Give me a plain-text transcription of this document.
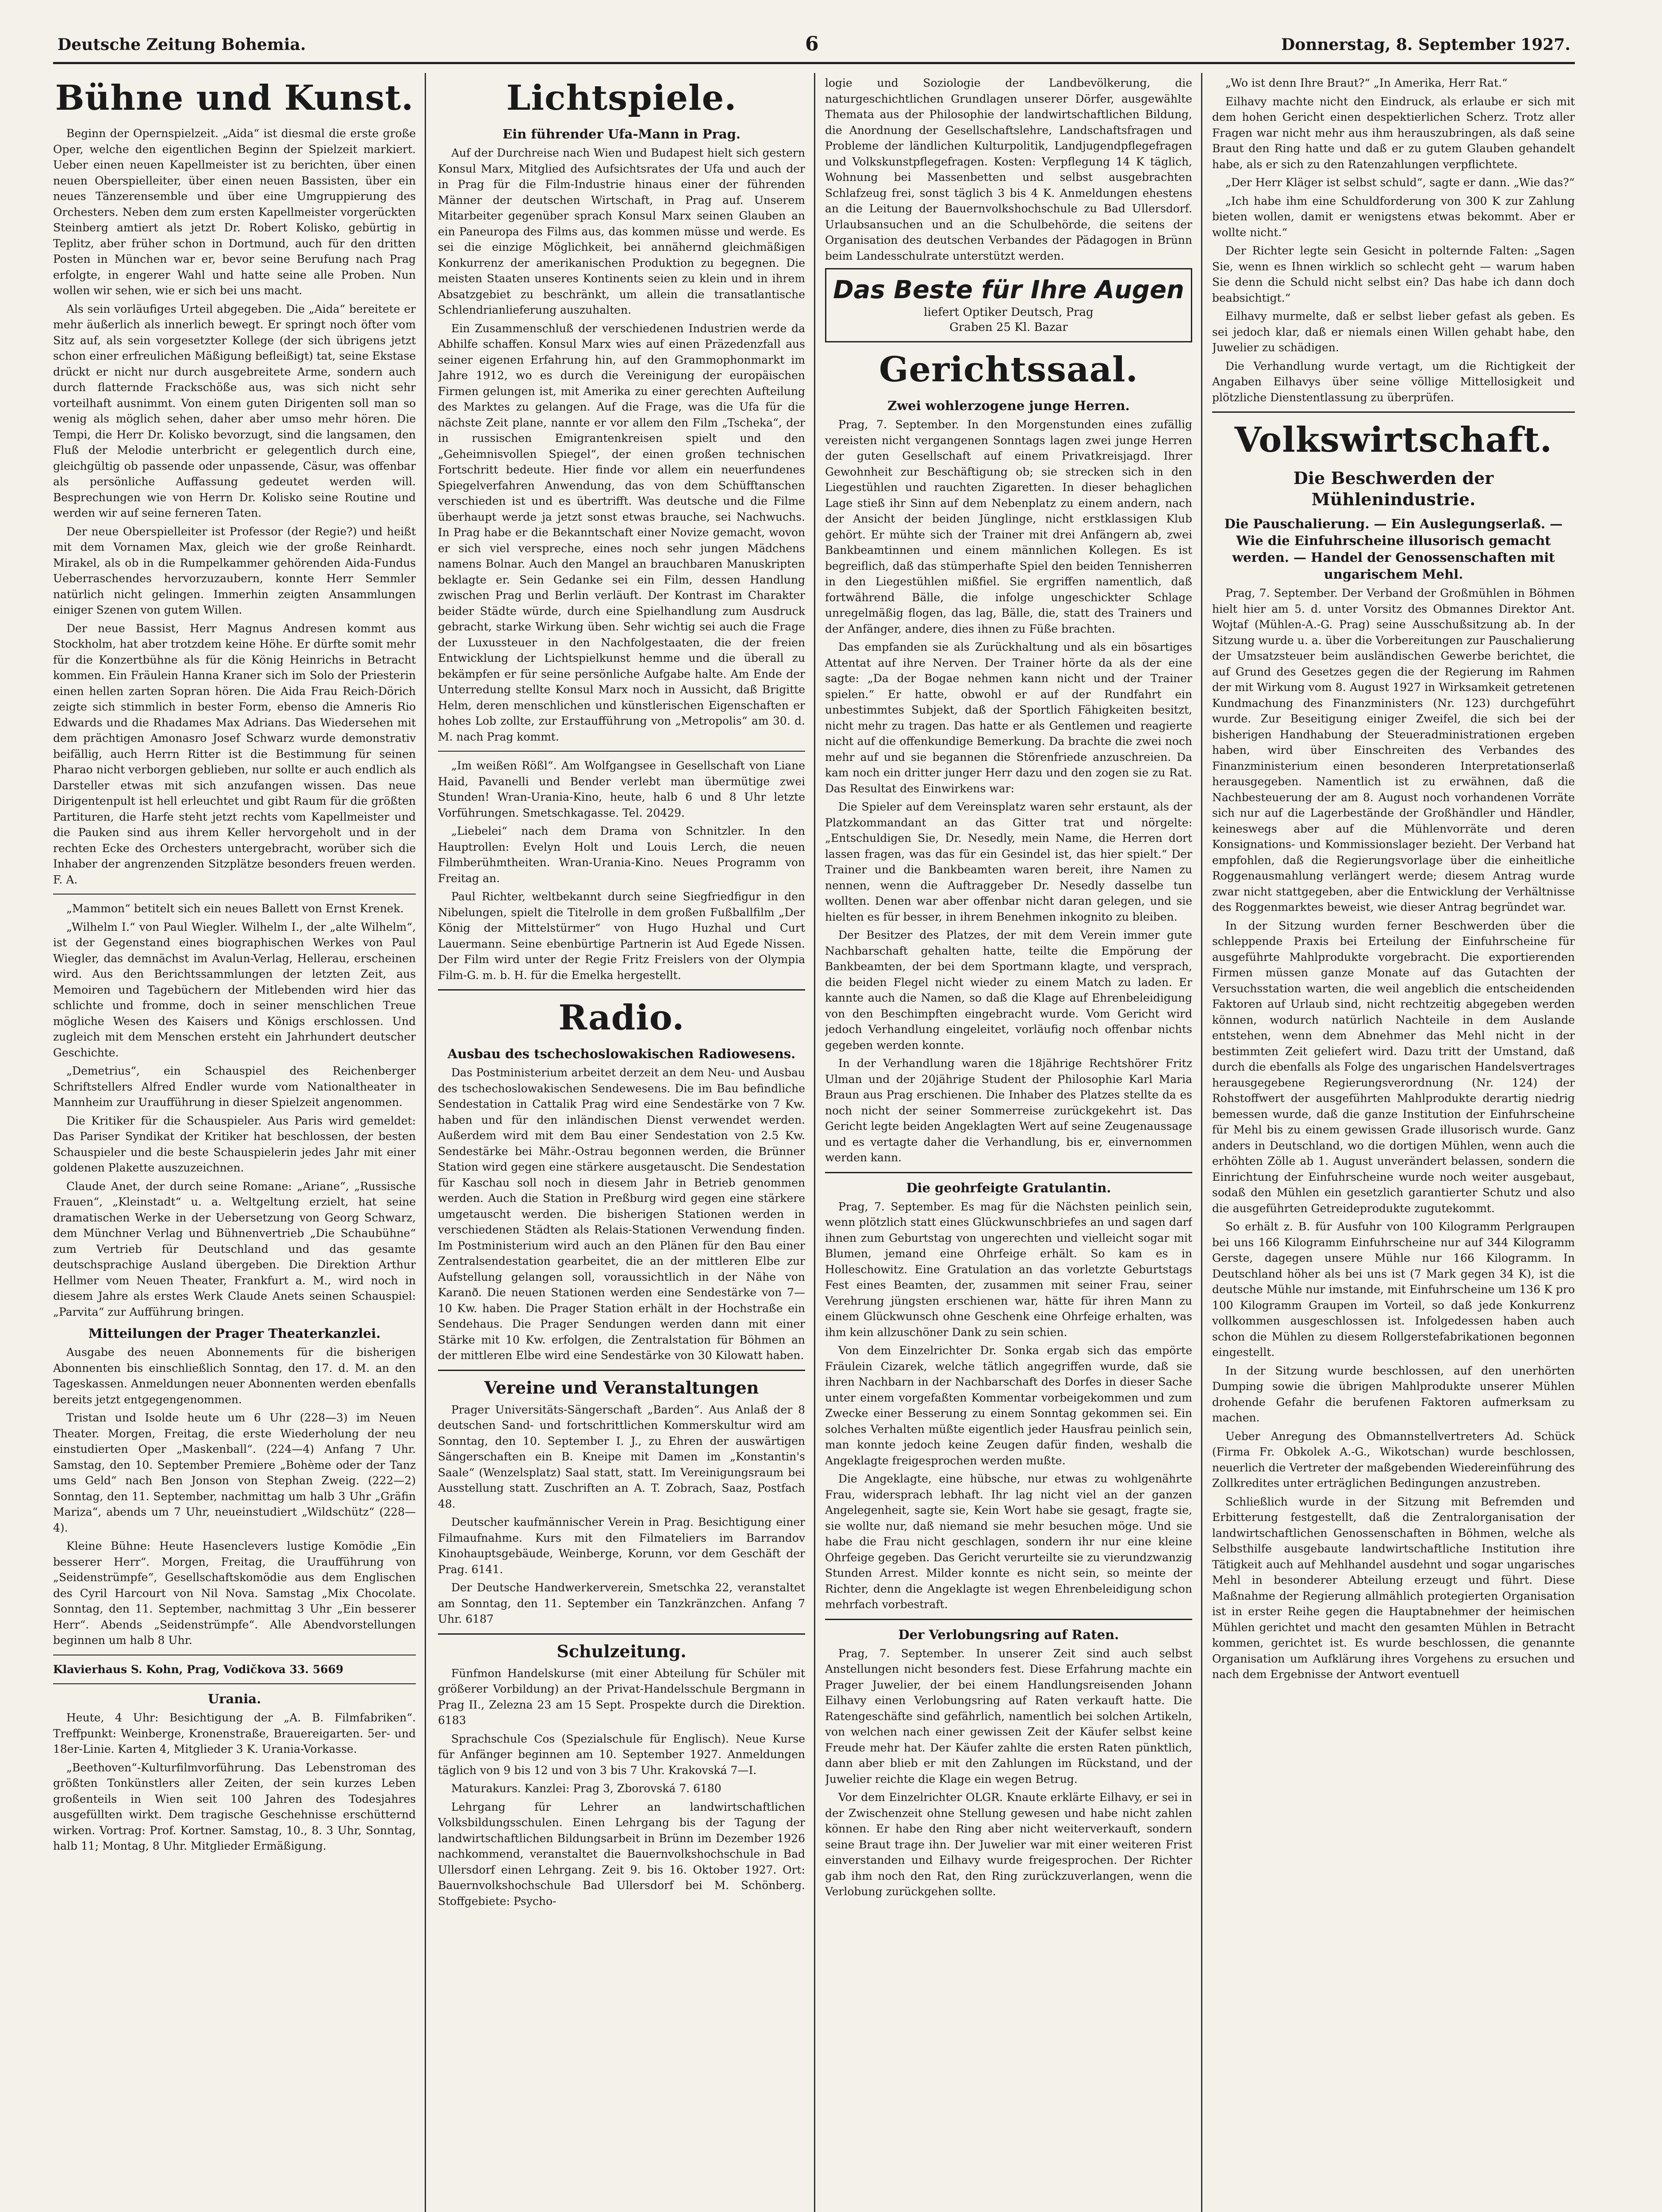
Deutsche Zeitung Bohemia.	6	Donnerstag, 8. September 1927.
Bühne und Kunst.

Beginn der Opernspielzeit. „Aida“ ist diesmal die erste große Oper, welche den eigentlichen Beginn der Spielzeit markiert. Ueber einen neuen Kapellmeister ist zu berichten, über einen neuen Oberspielleiter, über einen neuen Bassisten, über ein neues Tänzerensemble und über eine Umgruppierung des Orchesters. Neben dem zum ersten Kapellmeister vorgerückten Steinberg amtiert als jetzt Dr. Robert Kolisko, gebürtig in Teplitz, aber früher schon in Dortmund, auch für den dritten Posten in München war er, bevor seine Berufung nach Prag erfolgte, in engerer Wahl und hatte seine alle Proben. Nun wollen wir sehen, wie er sich bei uns macht.

Als sein vorläufiges Urteil abgegeben. Die „Aida“ bereitete er mehr äußerlich als innerlich bewegt. Er springt noch öfter vom Sitz auf, als sein vorgesetzter Kollege (der sich übrigens jetzt schon einer erfreulichen Mäßigung befleißigt) tat, seine Ekstase drückt er nicht nur durch ausgebreitete Arme, sondern auch durch flatternde Frackschöße aus, was sich nicht sehr vorteilhaft ausnimmt. Von einem guten Dirigenten soll man so wenig als möglich sehen, daher aber umso mehr hören. Die Tempi, die Herr Dr. Kolisko bevorzugt, sind die langsamen, den Fluß der Melodie unterbricht er gelegentlich durch eine, gleichgültig ob passende oder unpassende, Cäsur, was offenbar als persönliche Auffassung gedeutet werden will. Besprechungen wie von Herrn Dr. Kolisko seine Routine und werden wir auf seine ferneren Taten.

Der neue Oberspielleiter ist Professor (der Regie?) und heißt mit dem Vornamen Max, gleich wie der große Reinhardt. Mirakel, als ob in die Rumpelkammer gehörenden Aida-Fundus Ueberraschendes hervorzuzaubern, konnte Herr Semmler natürlich nicht gelingen. Immerhin zeigten Ansammlungen einiger Szenen von gutem Willen.

Der neue Bassist, Herr Magnus Andresen kommt aus Stockholm, hat aber trotzdem keine Höhe. Er dürfte somit mehr für die Konzertbühne als für die König Heinrichs in Betracht kommen. Ein Fräulein Hanna Kraner sich im Solo der Priesterin einen hellen zarten Sopran hören. Die Aida Frau Reich-Dörich zeigte sich stimmlich in bester Form, ebenso die Amneris Rio Edwards und die Rhadames Max Adrians. Das Wiedersehen mit dem prächtigen Amonasro Josef Schwarz wurde demonstrativ beifällig, auch Herrn Ritter ist die Bestimmung für seinen Pharao nicht verborgen geblieben, nur sollte er auch endlich als Darsteller etwas mit sich anzufangen wissen. Das neue Dirigentenpult ist hell erleuchtet und gibt Raum für die größten Partituren, die Harfe steht jetzt rechts vom Kapellmeister und die Pauken sind aus ihrem Keller hervorgeholt und in der rechten Ecke des Orchesters untergebracht, worüber sich die Inhaber der angrenzenden Sitzplätze besonders freuen werden. F. A.

„Mammon“ betitelt sich ein neues Ballett von Ernst Krenek.

„Wilhelm I.“ von Paul Wiegler. Wilhelm I., der „alte Wilhelm“, ist der Gegenstand eines biographischen Werkes von Paul Wiegler, das demnächst im Avalun-Verlag, Hellerau, erscheinen wird. Aus den Berichtssammlungen der letzten Zeit, aus Memoiren und Tagebüchern der Mitlebenden wird hier das schlichte und fromme, doch in seiner menschlichen Treue mögliche Wesen des Kaisers und Königs erschlossen. Und zugleich mit dem Menschen ersteht ein Jahrhundert deutscher Geschichte.

„Demetrius“, ein Schauspiel des Reichenberger Schriftstellers Alfred Endler wurde vom Nationaltheater in Mannheim zur Uraufführung in dieser Spielzeit angenommen.

Die Kritiker für die Schauspieler. Aus Paris wird gemeldet: Das Pariser Syndikat der Kritiker hat beschlossen, der besten Schauspieler und die beste Schauspielerin jedes Jahr mit einer goldenen Plakette auszuzeichnen.

Claude Anet, der durch seine Romane: „Ariane“, „Russische Frauen“, „Kleinstadt“ u. a. Weltgeltung erzielt, hat seine dramatischen Werke in der Uebersetzung von Georg Schwarz, dem Münchner Verlag und Bühnenvertrieb „Die Schaubühne“ zum Vertrieb für Deutschland und das gesamte deutschsprachige Ausland übergeben. Die Direktion Arthur Hellmer vom Neuen Theater, Frankfurt a. M., wird noch in diesem Jahre als erstes Werk Claude Anets seinen Schauspiel: „Parvita“ zur Aufführung bringen.

Mitteilungen der Prager Theaterkanzlei.

Ausgabe des neuen Abonnements für die bisherigen Abonnenten bis einschließlich Sonntag, den 17. d. M. an den Tageskassen. Anmeldungen neuer Abonnenten werden ebenfalls bereits jetzt entgegengenommen.

Tristan und Isolde heute um 6 Uhr (228—3) im Neuen Theater. Morgen, Freitag, die erste Wiederholung der neu einstudierten Oper „Maskenball“. (224—4) Anfang 7 Uhr. Samstag, den 10. September Premiere „Bohème oder der Tanz ums Geld“ nach Ben Jonson von Stephan Zweig. (222—2) Sonntag, den 11. September, nachmittag um halb 3 Uhr „Gräfin Mariza“, abends um 7 Uhr, neueinstudiert „Wildschütz“ (228—4).

Kleine Bühne: Heute Hasenclevers lustige Komödie „Ein besserer Herr“. Morgen, Freitag, die Uraufführung von „Seidenstrümpfe“, Gesellschaftskomödie aus dem Englischen des Cyril Harcourt von Nil Nova. Samstag „Mix Chocolate. Sonntag, den 11. September, nachmittag 3 Uhr „Ein besserer Herr“. Abends „Seidenstrümpfe“. Alle Abendvorstellungen beginnen um halb 8 Uhr.

Klavierhaus S. Kohn, Prag, Vodičkova 33. 5669

Urania.

Heute, 4 Uhr: Besichtigung der „A. B. Filmfabriken“. Treffpunkt: Weinberge, Kronenstraße, Brauereigarten. 5er- und 18er-Linie. Karten 4, Mitglieder 3 K. Urania-Vorkasse.

„Beethoven“-Kulturfilmvorführung. Das Lebenstroman des größten Tonkünstlers aller Zeiten, der sein kurzes Leben großenteils in Wien seit 100 Jahren des Todesjahres ausgefüllten wirkt. Dem tragische Geschehnisse erschütternd wirken. Vortrag: Prof. Kortner. Samstag, 10., 8. 3 Uhr, Sonntag, halb 11; Montag, 8 Uhr. Mitglieder Ermäßigung.

Lichtspiele.
Ein führender Ufa-Mann in Prag.

Auf der Durchreise nach Wien und Budapest hielt sich gestern Konsul Marx, Mitglied des Aufsichtsrates der Ufa und auch der in Prag für die Film-Industrie hinaus einer der führenden Männer der deutschen Wirtschaft, in Prag auf. Unserem Mitarbeiter gegenüber sprach Konsul Marx seinen Glauben an ein Paneuropa des Films aus, das kommen müsse und werde. Es sei die einzige Möglichkeit, bei annähernd gleichmäßigen Konkurrenz der amerikanischen Produktion zu begegnen. Die meisten Staaten unseres Kontinents seien zu klein und in ihrem Absatzgebiet zu beschränkt, um allein die transatlantische Schlendrianlieferung auszuhalten.

Ein Zusammenschluß der verschiedenen Industrien werde da Abhilfe schaffen. Konsul Marx wies auf einen Präzedenzfall aus seiner eigenen Erfahrung hin, auf den Grammophonmarkt im Jahre 1912, wo es durch die Vereinigung der europäischen Firmen gelungen ist, mit Amerika zu einer gerechten Aufteilung des Marktes zu gelangen. Auf die Frage, was die Ufa für die nächste Zeit plane, nannte er vor allem den Film „Tscheka“, der in russischen Emigrantenkreisen spielt und den „Geheimnisvollen Spiegel“, der einen großen technischen Fortschritt bedeute. Hier finde vor allem ein neuerfundenes Spiegelverfahren Anwendung, das von dem Schüfftanschen verschieden ist und es übertrifft. Was deutsche und die Filme überhaupt werde ja jetzt sonst etwas brauche, sei Nachwuchs. In Prag habe er die Bekanntschaft einer Novize gemacht, wovon er sich viel verspreche, eines noch sehr jungen Mädchens namens Bolnar. Auch den Mangel an brauchbaren Manuskripten beklagte er. Sein Gedanke sei ein Film, dessen Handlung zwischen Prag und Berlin verläuft. Der Kontrast im Charakter beider Städte würde, durch eine Spielhandlung zum Ausdruck gebracht, starke Wirkung üben. Sehr wichtig sei auch die Frage der Luxussteuer in den Nachfolgestaaten, die der freien Entwicklung der Lichtspielkunst hemme und die überall zu bekämpfen er für seine persönliche Aufgabe halte. Am Ende der Unterredung stellte Konsul Marx noch in Aussicht, daß Brigitte Helm, deren menschlichen und künstlerischen Eigenschaften er hohes Lob zollte, zur Erstaufführung von „Metropolis“ am 30. d. M. nach Prag kommt.

„Im weißen Rößl“. Am Wolfgangsee in Gesellschaft von Liane Haid, Pavanelli und Bender verlebt man übermütige zwei Stunden! Wran-Urania-Kino, heute, halb 6 und 8 Uhr letzte Vorführungen. Smetschkagasse. Tel. 20429.

„Liebelei“ nach dem Drama von Schnitzler. In den Hauptrollen: Evelyn Holt und Louis Lerch, die neuen Filmberühmtheiten. Wran-Urania-Kino. Neues Programm von Freitag an.

Paul Richter, weltbekannt durch seine Siegfriedfigur in den Nibelungen, spielt die Titelrolle in dem großen Fußballfilm „Der König der Mittelstürmer“ von Hugo Huzhal und Curt Lauermann. Seine ebenbürtige Partnerin ist Aud Egede Nissen. Der Film wird unter der Regie Fritz Freislers von der Olympia Film-G. m. b. H. für die Emelka hergestellt.

Radio.
Ausbau des tschechoslowakischen Radiowesens.

Das Postministerium arbeitet derzeit an dem Neu- und Ausbau des tschechoslowakischen Sendewesens. Die im Bau befindliche Sendestation in Cattalik Prag wird eine Sendestärke von 7 Kw. haben und für den inländischen Dienst verwendet werden. Außerdem wird mit dem Bau einer Sendestation von 2.5 Kw. Sendestärke bei Mähr.-Ostrau begonnen werden, die Brünner Station wird gegen eine stärkere ausgetauscht. Die Sendestation für Kaschau soll noch in diesem Jahr in Betrieb genommen werden. Auch die Station in Preßburg wird gegen eine stärkere umgetauscht werden. Die bisherigen Stationen werden in verschiedenen Städten als Relais-Stationen Verwendung finden. Im Postministerium wird auch an den Plänen für den Bau einer Zentralsendestation gearbeitet, die an der mittleren Elbe zur Aufstellung gelangen soll, voraussichtlich in der Nähe von Karanð. Die neuen Stationen werden eine Sendestärke von 7—10 Kw. haben. Die Prager Station erhält in der Hochstraße ein Sendehaus. Die Prager Sendungen werden dann mit einer Stärke mit 10 Kw. erfolgen, die Zentralstation für Böhmen an der mittleren Elbe wird eine Sendestärke von 30 Kilowatt haben.

Vereine und Veranstaltungen

Prager Universitäts-Sängerschaft „Barden“. Aus Anlaß der 8 deutschen Sand- und fortschrittlichen Kommerskultur wird am Sonntag, den 10. September I. J., zu Ehren der auswärtigen Sängerschaften ein B. Kneipe mit Damen im „Konstantin's Saale“ (Wenzelsplatz) Saal statt, statt. Im Vereinigungsraum bei Ausstellung statt. Zuschriften an A. T. Zobrach, Saaz, Postfach 48.

Deutscher kaufmännischer Verein in Prag. Besichtigung einer Filmaufnahme. Kurs mit den Filmateliers im Barrandov Kinohauptsgebäude, Weinberge, Korunn, vor dem Geschäft der Prag. 6141.

Der Deutsche Handwerkerverein, Smetschka 22, veranstaltet am Sonntag, den 11. September ein Tanzkränzchen. Anfang 7 Uhr. 6187

Schulzeitung.

Fünfmon Handelskurse (mit einer Abteilung für Schüler mit größerer Vorbildung) an der Privat-Handelsschule Bergmann in Prag II., Zelezna 23 am 15 Sept. Prospekte durch die Direktion. 6183

Sprachschule Cos (Spezialschule für Englisch). Neue Kurse für Anfänger beginnen am 10. September 1927. Anmeldungen täglich von 9 bis 12 und von 3 bis 7 Uhr. Krakovská 7—I.

Maturakurs. Kanzlei: Prag 3, Zborovská 7. 6180

Lehrgang für Lehrer an landwirtschaftlichen Volksbildungsschulen. Einen Lehrgang bis der Tagung der landwirtschaftlichen Bildungsarbeit in Brünn im Dezember 1926 nachkommend, veranstaltet die Bauernvolkshochschule in Bad Ullersdorf einen Lehrgang. Zeit 9. bis 16. Oktober 1927. Ort: Bauernvolkshochschule Bad Ullersdorf bei M. Schönberg. Stoffgebiete: Psycho-

logie und Soziologie der Landbevölkerung, die naturgeschichtlichen Grundlagen unserer Dörfer, ausgewählte Themata aus der Philosophie der landwirtschaftlichen Bildung, die Anordnung der Gesellschaftslehre, Landschaftsfragen und Probleme der ländlichen Kulturpolitik, Landjugendpflegefragen und Volkskunstpflegefragen. Kosten: Verpflegung 14 K täglich, Wohnung bei Massenbetten und selbst ausgebrachten Schlafzeug frei, sonst täglich 3 bis 4 K. Anmeldungen ehestens an die Leitung der Bauernvolkshochschule zu Bad Ullersdorf. Urlaubsansuchen und an die Schulbehörde, die seitens der Organisation des deutschen Verbandes der Pädagogen in Brünn beim Landesschulrate unterstützt werden.

Das Beste für Ihre Augen
liefert Optiker Deutsch, Prag
Graben 25 Kl. Bazar
Gerichtssaal.
Zwei wohlerzogene junge Herren.

Prag, 7. September. In den Morgenstunden eines zufällig vereisten nicht vergangenen Sonntags lagen zwei junge Herren der guten Gesellschaft auf einem Privatkreisjagd. Ihrer Gewohnheit zur Beschäftigung ob; sie strecken sich in den Liegestühlen und rauchten Zigaretten. In dieser behaglichen Lage stieß ihr Sinn auf dem Nebenplatz zu einem andern, nach der Ansicht der beiden Jünglinge, nicht erstklassigen Klub gehört. Er mühte sich der Trainer mit drei Anfängern ab, zwei Bankbeamtinnen und einem männlichen Kollegen. Es ist begreiflich, daß das stümperhafte Spiel den beiden Tennisherren in den Liegestühlen mißfiel. Sie ergriffen namentlich, daß fortwährend Bälle, die infolge ungeschickter Schlage unregelmäßig flogen, das lag, Bälle, die, statt des Trainers und der Anfänger, andere, dies ihnen zu Füße brachten.

Das empfanden sie als Zurückhaltung und als ein bösartiges Attentat auf ihre Nerven. Der Trainer hörte da als der eine sagte: „Da der Bogae nehmen kann nicht und der Trainer spielen.“ Er hatte, obwohl er auf der Rundfahrt ein unbestimmtes Subjekt, daß der Sportlich Fähigkeiten besitzt, nicht mehr zu tragen. Das hatte er als Gentlemen und reagierte nicht auf die offenkundige Bemerkung. Da brachte die zwei noch mehr auf und sie begannen die Störenfriede anzuschreien. Da kam noch ein dritter junger Herr dazu und den zogen sie zu Rat. Das Resultat des Einwirkens war:

Die Spieler auf dem Vereinsplatz waren sehr erstaunt, als der Platzkommandant an das Gitter trat und nörgelte: „Entschuldigen Sie, Dr. Nesedly, mein Name, die Herren dort lassen fragen, was das für ein Gesindel ist, das hier spielt.“ Der Trainer und die Bankbeamten waren bereit, ihre Namen zu nennen, wenn die Auftraggeber Dr. Nesedly dasselbe tun wollten. Denen war aber offenbar nicht daran gelegen, und sie hielten es für besser, in ihrem Benehmen inkognito zu bleiben.

Der Besitzer des Platzes, der mit dem Verein immer gute Nachbarschaft gehalten hatte, teilte die Empörung der Bankbeamten, der bei dem Sportmann klagte, und versprach, die beiden Flegel nicht wieder zu einem Match zu laden. Er kannte auch die Namen, so daß die Klage auf Ehrenbeleidigung von den Beschimpften eingebracht wurde. Vom Gericht wird jedoch Verhandlung eingeleitet, vorläufig noch offenbar nichts gegeben werden konnte.

In der Verhandlung waren die 18jährige Rechtshörer Fritz Ulman und der 20jährige Student der Philosophie Karl Maria Braun aus Prag erschienen. Die Inhaber des Platzes stellte da es noch nicht der seiner Sommerreise zurückgekehrt ist. Das Gericht legte beiden Angeklagten Wert auf seine Zeugenaussage und es vertagte daher die Verhandlung, bis er, einvernommen werden kann.

Die geohrfeigte Gratulantin.

Prag, 7. September. Es mag für die Nächsten peinlich sein, wenn plötzlich statt eines Glückwunschbriefes an und sagen darf ihnen zum Geburtstag von ungerechten und vielleicht sogar mit Blumen, jemand eine Ohrfeige erhält. So kam es in Holleschowitz. Eine Gratulation an das vorletzte Geburtstags Fest eines Beamten, der, zusammen mit seiner Frau, seiner Verehrung jüngsten erschienen war, hätte für ihren Mann zu einem Glückwunsch ohne Geschenk eine Ohrfeige erhalten, was ihm kein allzuschöner Dank zu sein schien.

Von dem Einzelrichter Dr. Sonka ergab sich das empörte Fräulein Cizarek, welche tätlich angegriffen wurde, daß sie ihren Nachbarn in der Nachbarschaft des Dorfes in dieser Sache unter einem vorgefaßten Kommentar vorbeigekommen und zum Zwecke einer Besserung zu einem Sonntag gekommen sei. Ein solches Verhalten müßte eigentlich jeder Hausfrau peinlich sein, man konnte jedoch keine Zeugen dafür finden, weshalb die Angeklagte freigesprochen werden mußte.

Die Angeklagte, eine hübsche, nur etwas zu wohlgenährte Frau, widersprach lebhaft. Ihr lag nicht viel an der ganzen Angelegenheit, sagte sie, Kein Wort habe sie gesagt, fragte sie, sie wollte nur, daß niemand sie mehr besuchen möge. Und sie habe die Frau nicht geschlagen, sondern ihr nur eine kleine Ohrfeige gegeben. Das Gericht verurteilte sie zu vierundzwanzig Stunden Arrest. Milder konnte es nicht sein, so meinte der Richter, denn die Angeklagte ist wegen Ehrenbeleidigung schon mehrfach vorbestraft.

Der Verlobungsring auf Raten.

Prag, 7. September. In unserer Zeit sind auch selbst Anstellungen nicht besonders fest. Diese Erfahrung machte ein Prager Juwelier, der bei einem Handlungsreisenden Johann Eilhavy einen Verlobungsring auf Raten verkauft hatte. Die Ratengeschäfte sind gefährlich, namentlich bei solchen Artikeln, von welchen nach einer gewissen Zeit der Käufer selbst keine Freude mehr hat. Der Käufer zahlte die ersten Raten pünktlich, dann aber blieb er mit den Zahlungen im Rückstand, und der Juwelier reichte die Klage ein wegen Betrug.

Vor dem Einzelrichter OLGR. Knaute erklärte Eilhavy, er sei in der Zwischenzeit ohne Stellung gewesen und habe nicht zahlen können. Er habe den Ring aber nicht weiterverkauft, sondern seine Braut trage ihn. Der Juwelier war mit einer weiteren Frist einverstanden und Eilhavy wurde freigesprochen. Der Richter gab ihm noch den Rat, den Ring zurückzuverlangen, wenn die Verlobung zurückgehen sollte.

„Wo ist denn Ihre Braut?“ „In Amerika, Herr Rat.“

Eilhavy machte nicht den Eindruck, als erlaube er sich mit dem hohen Gericht einen despektierlichen Scherz. Trotz aller Fragen war nicht mehr aus ihm herauszubringen, als daß seine Braut den Ring hatte und daß er zu gutem Glauben gehandelt habe, als er sich zu den Ratenzahlungen verpflichtete.

„Der Herr Kläger ist selbst schuld“, sagte er dann. „Wie das?“

„Ich habe ihm eine Schuldforderung von 300 K zur Zahlung bieten wollen, damit er wenigstens etwas bekommt. Aber er wollte nicht.“

Der Richter legte sein Gesicht in polternde Falten: „Sagen Sie, wenn es Ihnen wirklich so schlecht geht — warum haben Sie denn die Schuld nicht selbst ein? Das habe ich dann doch beabsichtigt.“

Eilhavy murmelte, daß er selbst lieber gefast als geben. Es sei jedoch klar, daß er niemals einen Willen gehabt habe, den Juwelier zu schädigen.

Die Verhandlung wurde vertagt, um die Richtigkeit der Angaben Eilhavys über seine völlige Mittellosigkeit und plötzliche Dienstentlassung zu überprüfen.

Volkswirtschaft.
Die Beschwerden der Mühlenindustrie.
Die Pauschalierung. — Ein Auslegungserlaß. — Wie die Einfuhrscheine illusorisch gemacht werden. — Handel der Genossenschaften mit ungarischem Mehl.

Prag, 7. September. Der Verband der Großmühlen in Böhmen hielt hier am 5. d. unter Vorsitz des Obmannes Direktor Ant. Wojtaf (Mühlen-A.-G. Prag) seine Ausschußsitzung ab. In der Sitzung wurde u. a. über die Vorbereitungen zur Pauschalierung der Umsatzsteuer beim ausländischen Gewerbe berichtet, die auf Grund des Gesetzes gegen die der Regierung im Rahmen der mit Wirkung vom 8. August 1927 in Wirksamkeit getretenen Kundmachung des Finanzministers (Nr. 123) durchgeführt wurde. Zur Beseitigung einiger Zweifel, die sich bei der bisherigen Handhabung der Steueradministrationen ergeben haben, wird über Einschreiten des Verbandes des Finanzministerium einen besonderen Interpretationserlaß herausgegeben. Namentlich ist zu erwähnen, daß die Nachbesteuerung der am 8. August noch vorhandenen Vorräte sich nur auf die Lagerbestände der Großhändler und Händler, keineswegs aber auf die Mühlenvorräte und deren Konsignations- und Kommissionslager bezieht. Der Verband hat empfohlen, daß die Regierungsvorlage über die einheitliche Roggenausmahlung verlängert werde; diesem Antrag wurde zwar nicht stattgegeben, aber die Entwicklung der Verhältnisse des Roggenmarktes beweist, wie dieser Antrag begründet war.

In der Sitzung wurden ferner Beschwerden über die schleppende Praxis bei Erteilung der Einfuhrscheine für ausgeführte Mahlprodukte vorgebracht. Die exportierenden Firmen müssen ganze Monate auf das Gutachten der Versuchsstation warten, die weil angeblich die entscheidenden Faktoren auf Urlaub sind, nicht rechtzeitig abgegeben werden können, wodurch natürlich Nachteile in dem Auslande entstehen, wenn dem Abnehmer das Mehl nicht in der bestimmten Zeit geliefert wird. Dazu tritt der Umstand, daß durch die ebenfalls als Folge des ungarischen Handelsvertrages herausgegebene Regierungsverordnung (Nr. 124) der Rohstoffwert der ausgeführten Mahlprodukte derartig niedrig bemessen wurde, daß die ganze Institution der Einfuhrscheine für Mehl bis zu einem gewissen Grade illusorisch wurde. Ganz anders in Deutschland, wo die dortigen Mühlen, wenn auch die erhöhten Zölle ab 1. August unverändert belassen, sondern die Einrichtung der Einfuhrscheine wurde noch weiter ausgebaut, sodaß den Mühlen ein gesetzlich garantierter Schutz und also die ausgeführten Getreideprodukte zugutekommt.

So erhält z. B. für Ausfuhr von 100 Kilogramm Perlgraupen bei uns 166 Kilogramm Einfuhrscheine nur auf 344 Kilogramm Gerste, dagegen unsere Mühle nur 166 Kilogramm. In Deutschland höher als bei uns ist (7 Mark gegen 34 K), ist die deutsche Mühle nur imstande, mit Einfuhrscheine um 136 K pro 100 Kilogramm Graupen im Vorteil, so daß jede Konkurrenz vollkommen ausgeschlossen ist. Infolgedessen haben auch schon die Mühlen zu diesem Rollgerstefabrikationen begonnen eingestellt.

In der Sitzung wurde beschlossen, auf den unerhörten Dumping sowie die übrigen Mahlprodukte unserer Mühlen drohende Gefahr die berufenen Faktoren aufmerksam zu machen.

Ueber Anregung des Obmannstellvertreters Ad. Schück (Firma Fr. Obkolek A.-G., Wikotschan) wurde beschlossen, neuerlich die Vertreter der maßgebenden Wiedereinführung des Zollkredites unter erträglichen Bedingungen anzustreben.

Schließlich wurde in der Sitzung mit Befremden und Erbitterung festgestellt, daß die Zentralorganisation der landwirtschaftlichen Genossenschaften in Böhmen, welche als Selbsthilfe ausgebaute landwirtschaftliche Institution ihre Tätigkeit auch auf Mehlhandel ausdehnt und sogar ungarisches Mehl in besonderer Abteilung erzeugt und führt. Diese Maßnahme der Regierung allmählich protegierten Organisation ist in erster Reihe gegen die Hauptabnehmer der heimischen Mühlen gerichtet und macht den gesamten Mühlen in Betracht kommen, gerichtet ist. Es wurde beschlossen, die genannte Organisation um Aufklärung ihres Vorgehens zu ersuchen und nach dem Ergebnisse der Antwort eventuell
